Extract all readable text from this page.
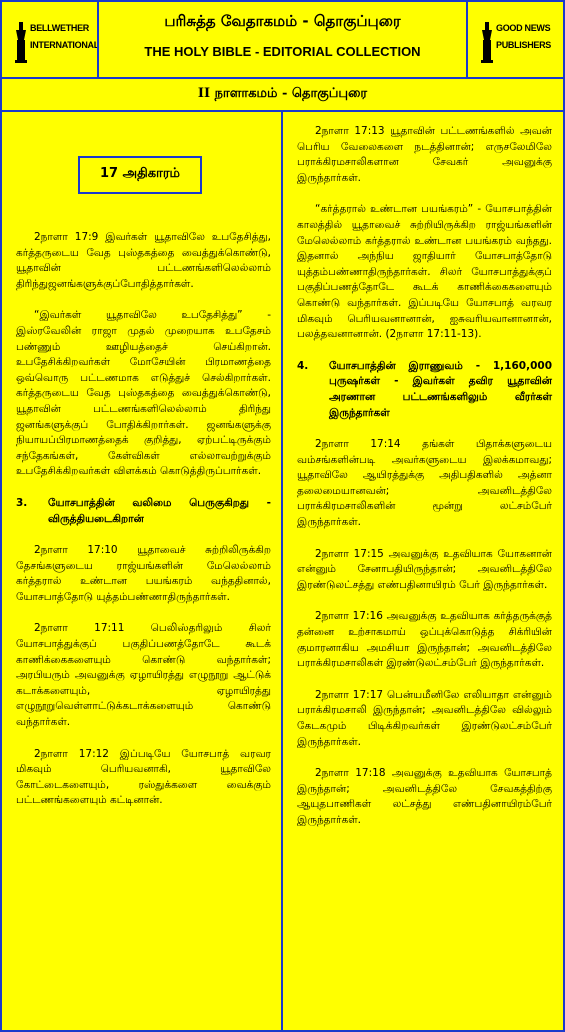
BELLWETHER
INTERNATIONAL
பரிசுத்த வேதாகமம் - தொகுப்புரை
THE HOLY BIBLE - EDITORIAL COLLECTION
GOOD NEWS
PUBLISHERS
II நாளாகமம் - தொகுப்புரை
17 அதிகாரம்

2நாளா 17:9 இவர்கள் யூதாவிலே உபதேசித்து, கர்த்தருடைய வேத புஸ்தகத்தை வைத்துக்கொண்டு, யூதாவின் பட்டணங்களிலெல்லாம் திரிந்துஜனங்களுக்குப்போதித்தார்கள்.

“இவர்கள் யூதாவிலே உபதேசித்து” - இஸ்ரவேலின் ராஜா முதல் முறையாக உபதேசம் பண்ணும் ஊழியத்தைச் செய்கிறான். உபதேசிக்கிறவர்கள் மோசேயின் பிரமாணத்தை ஒவ்வொரு பட்டணமாக எடுத்துச் செல்கிறார்கள். கர்த்தருடைய வேத புஸ்தகத்தை வைத்துக்கொண்டு, யூதாவின் பட்டணங்களிலெல்லாம் திரிந்து ஜனங்களுக்குப் போதிக்கிறார்கள். ஜனங்களுக்கு நியாயப்பிரமாணத்தைக் குறித்து, ஏற்பட்டிருக்கும் சந்தேகங்கள், கேள்விகள் எல்லாவற்றுக்கும் உபதேசிக்கிறவர்கள் விளக்கம் கொடுத்திருப்பார்கள்.

3.	யோசபாத்தின் வலிமை பெருகுகிறது - விருத்தியடைகிறான்

2நாளா 17:10 யூதாவைச் சுற்றிலிருக்கிற தேசங்களுடைய ராஜ்யங்களின் மேலெல்லாம் கர்த்தரால் உண்டான பயங்கரம் வந்ததினால், யோசபாத்தோடு யுத்தம்பண்ணாதிருந்தார்கள்.

2நாளா 17:11 பெலிஸ்தரிலும் சிலர் யோசபாத்துக்குப் பகுதிப்பணத்தோடே கூடக் காணிக்கைகளையும் கொண்டு வந்தார்கள்; அரபியரும் அவனுக்கு ஏழாயிரத்து எழுநூறு ஆட்டுக் கடாக்களையும், ஏழாயிரத்து எழுநூறுவெள்ளாட்டுக்கடாக்களையும் கொண்டு வந்தார்கள்.

2நாளா 17:12 இப்படியே யோசபாத் வரவர மிகவும் பெரியவனாகி, யூதாவிலே கோட்டைகளையும், ரஸ்துக்களை வைக்கும் பட்டணங்களையும் கட்டினான்.

2நாளா 17:13 யூதாவின் பட்டணங்களில் அவன் பெரிய வேலைகளை நடத்தினான்; எருசலேமிலே பராக்கிரமசாலிகளான சேவகர் அவனுக்கு இருந்தார்கள்.

“கர்த்தரால் உண்டான பயங்கரம்” - யோசபாத்தின் காலத்தில் யூதாவைச் சுற்றியிருக்கிற ராஜ்யங்களின் மேலெல்லாம் கர்த்தரால் உண்டான பயங்கரம் வந்தது. இதனால் அந்நிய ஜாதியார் யோசபாத்தோடு யுத்தம்பண்ணாதிருந்தார்கள். சிலர் யோசபாத்துக்குப் பகுதிப்பணத்தோடே கூடக் காணிக்கைகளையும் கொண்டு வந்தார்கள். இப்படியே யோசபாத் வரவர மிகவும் பெரியவனானான், ஐசுவரியவானானான், பலத்தவனானான். (2நாளா 17:11-13).

4.	யோசபாத்தின் இராணுவம் - 1,160,000 புருஷர்கள் - இவர்கள் தவிர யூதாவின் அரணான பட்டணங்களிலும் வீரர்கள் இருந்தார்கள்

2நாளா 17:14 தங்கள் பிதாக்களுடைய வம்சங்களின்படி அவர்களுடைய இலக்கமாவது; யூதாவிலே ஆயிரத்துக்கு அதிபதிகளில் அத்னா தலைமையானவன்; அவனிடத்திலே பராக்கிரமசாலிகளின் மூன்று லட்சம்பேர் இருந்தார்கள்.

2நாளா 17:15 அவனுக்கு உதவியாக யோகனான் என்னும் சேனாபதியிருந்தான்; அவனிடத்திலே இரண்டுலட்சத்து எண்பதினாயிரம் பேர் இருந்தார்கள்.

2நாளா 17:16 அவனுக்கு உதவியாக கர்த்தருக்குத் தன்னை உற்சாகமாய் ஒப்புக்கொடுத்த சிக்ரியின் குமாரனாகிய அமசியா இருந்தான்; அவனிடத்திலே பராக்கிரமசாலிகள் இரண்டுலட்சம்பேர் இருந்தார்கள்.

2நாளா 17:17 பென்யமீனிலே எலியாதா என்னும் பராக்கிரமசாலி இருந்தான்; அவனிடத்திலே வில்லும் கேடகமும் பிடிக்கிறவர்கள் இரண்டுலட்சம்பேர் இருந்தார்கள்.

2நாளா 17:18 அவனுக்கு உதவியாக யோசபாத் இருந்தான்; அவனிடத்திலே சேவகத்திற்கு ஆயுதபாணிகள் லட்சத்து எண்பதினாயிரம்பேர் இருந்தார்கள்.
